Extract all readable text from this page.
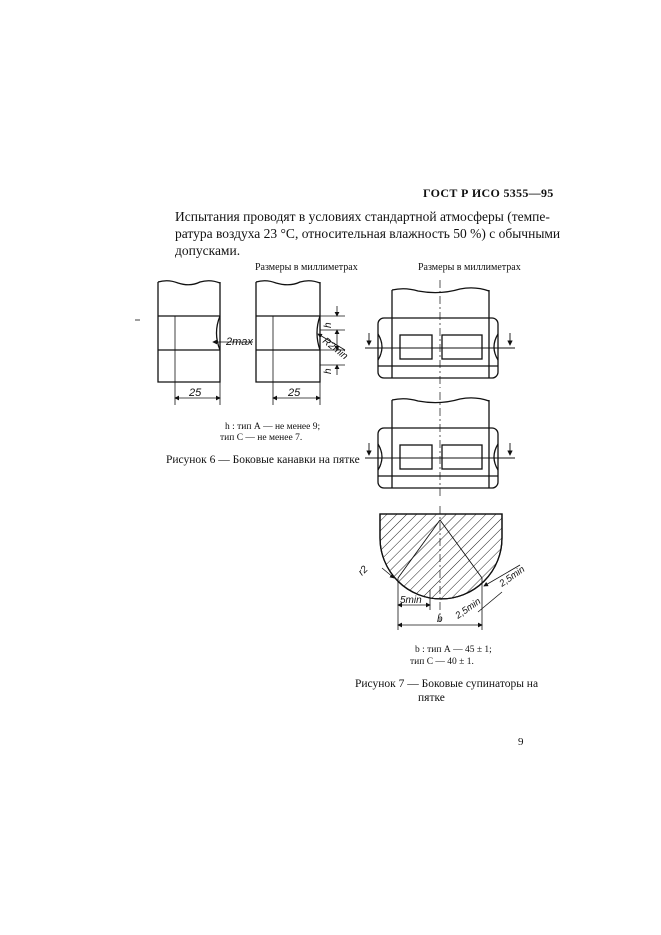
ГОСТ Р ИСО 5355—95
Испытания проводят в условиях стандартной атмосферы (темпе-
ратура воздуха 23 °С, относительная влажность 50 %) с обычными
допусками.
Размеры в миллиметрах
h : тип А — не менее 9;
тип С — не менее 7.
Рисунок 6 — Боковые канавки на пятке
Размеры в миллиметрах
b : тип А — 45 ± 1;
тип С — 40 ± 1.
Рисунок 7 — Боковые супинаторы на
пятке
9
25
2max
25
h
h
R2min
r2
5min
b 2,5min
2,5min
